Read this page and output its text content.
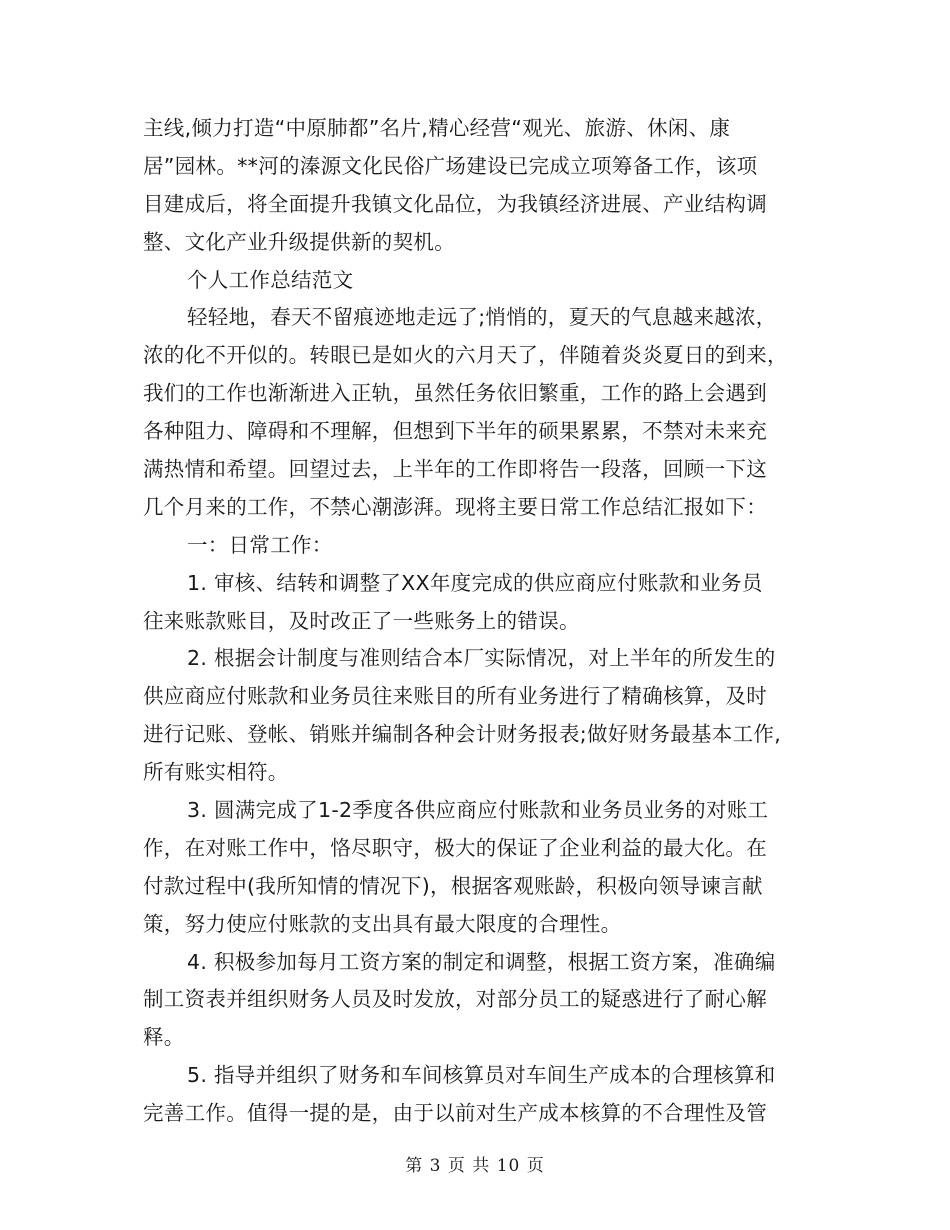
主线,倾力打造“中原肺都”名片,精心经营“观光、旅游、休闲、康
居”园林。**河的溱源文化民俗广场建设已完成立项筹备工作，该项
目建成后，将全面提升我镇文化品位，为我镇经济进展、产业结构调
整、文化产业升级提供新的契机。
个人工作总结范文
轻轻地，春天不留痕迹地走远了;悄悄的，夏天的气息越来越浓，
浓的化不开似的。转眼已是如火的六月天了，伴随着炎炎夏日的到来，
我们的工作也渐渐进入正轨，虽然任务依旧繁重，工作的路上会遇到
各种阻力、障碍和不理解，但想到下半年的硕果累累，不禁对未来充
满热情和希望。回望过去，上半年的工作即将告一段落，回顾一下这
几个月来的工作，不禁心潮澎湃。现将主要日常工作总结汇报如下：
一：日常工作：
1. 审核、结转和调整了XX年度完成的供应商应付账款和业务员
往来账款账目，及时改正了一些账务上的错误。
2. 根据会计制度与准则结合本厂实际情况，对上半年的所发生的
供应商应付账款和业务员往来账目的所有业务进行了精确核算，及时
进行记账、登帐、销账并编制各种会计财务报表;做好财务最基本工作,
所有账实相符。
3. 圆满完成了1-2季度各供应商应付账款和业务员业务的对账工
作，在对账工作中，恪尽职守，极大的保证了企业利益的最大化。在
付款过程中(我所知情的情况下)，根据客观账龄，积极向领导谏言献
策，努力使应付账款的支出具有最大限度的合理性。
4. 积极参加每月工资方案的制定和调整，根据工资方案，准确编
制工资表并组织财务人员及时发放，对部分员工的疑惑进行了耐心解
释。
5. 指导并组织了财务和车间核算员对车间生产成本的合理核算和
完善工作。值得一提的是，由于以前对生产成本核算的不合理性及管
第 3 页 共 10 页
